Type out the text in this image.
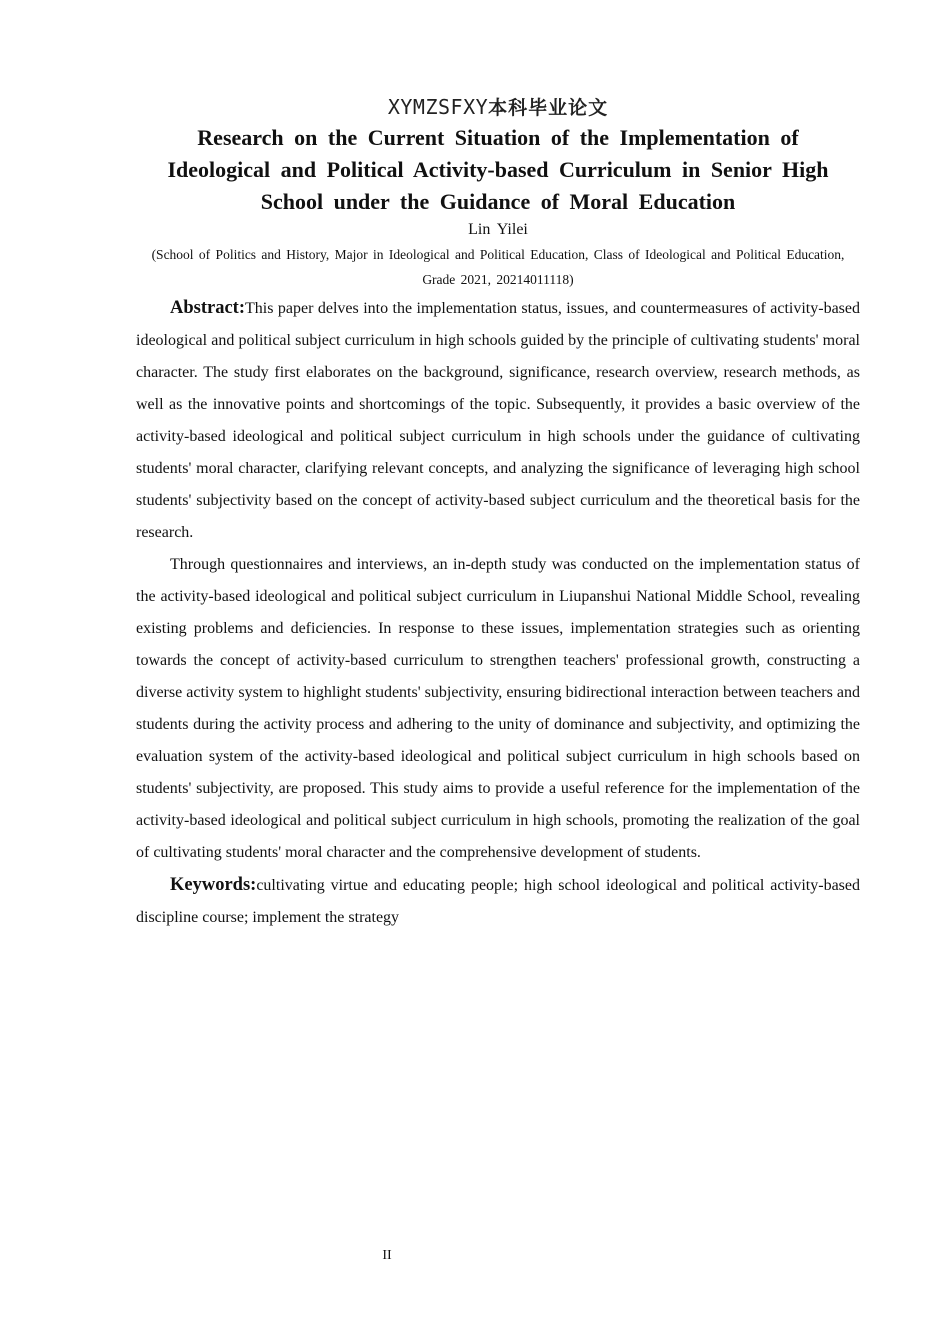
XYMZSFXY本科毕业论文
Research on the Current Situation of the Implementation of Ideological and Political Activity-based Curriculum in Senior High School under the Guidance of Moral Education
Lin Yilei
(School of Politics and History, Major in Ideological and Political Education, Class of Ideological and Political Education, Grade 2021, 20214011118)

Abstract:This paper delves into the implementation status, issues, and countermeasures of activity-based ideological and political subject curriculum in high schools guided by the principle of cultivating students' moral character. The study first elaborates on the background, significance, research overview, research methods, as well as the innovative points and shortcomings of the topic. Subsequently, it provides a basic overview of the activity-based ideological and political subject curriculum in high schools under the guidance of cultivating students' moral character, clarifying relevant concepts, and analyzing the significance of leveraging high school students' subjectivity based on the concept of activity-based subject curriculum and the theoretical basis for the research.

Through questionnaires and interviews, an in-depth study was conducted on the implementation status of the activity-based ideological and political subject curriculum in Liupanshui National Middle School, revealing existing problems and deficiencies. In response to these issues, implementation strategies such as orienting towards the concept of activity-based curriculum to strengthen teachers' professional growth, constructing a diverse activity system to highlight students' subjectivity, ensuring bidirectional interaction between teachers and students during the activity process and adhering to the unity of dominance and subjectivity, and optimizing the evaluation system of the activity-based ideological and political subject curriculum in high schools based on students' subjectivity, are proposed. This study aims to provide a useful reference for the implementation of the activity-based ideological and political subject curriculum in high schools, promoting the realization of the goal of cultivating students' moral character and the comprehensive development of students.

Keywords:cultivating virtue and educating people; high school ideological and political activity-based discipline course; implement the strategy

II
